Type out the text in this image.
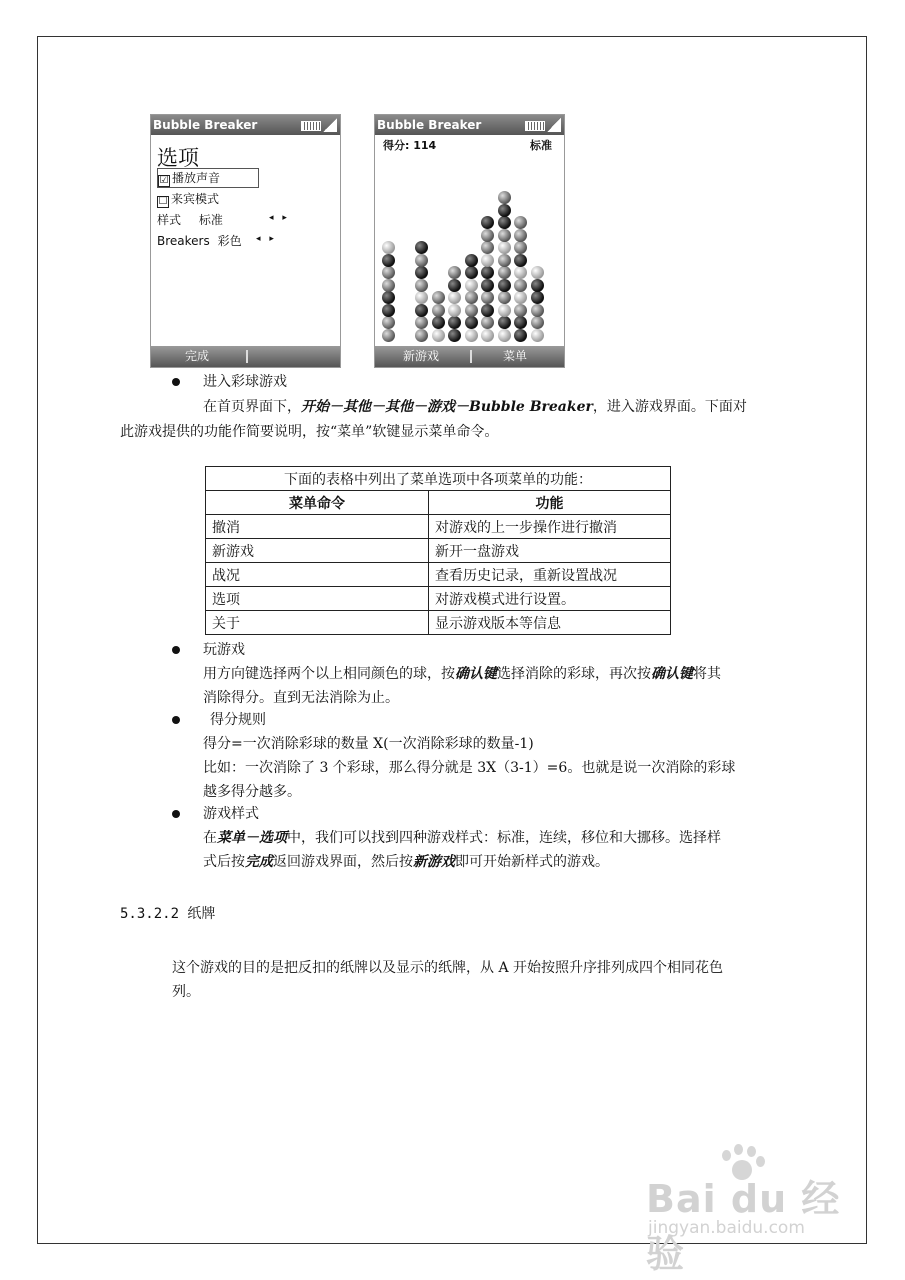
Bubble Breaker
选项
☑ 播放声音
☐ 来宾模式
样式 标准	◂ ▸
Breakers 彩色 ◂ ▸
完成
Bubble Breaker
得分: 114	标准
新游戏	菜单
进入彩球游戏
在首页界面下，开始－其他－其他－游戏－Bubble Breaker，进入游戏界面。下面对
此游戏提供的功能作简要说明，按“菜单”软键显示菜单命令。
下面的表格中列出了菜单选项中各项菜单的功能：	
菜单命令	功能
撤消	对游戏的上一步操作进行撤消
新游戏	新开一盘游戏
战况	查看历史记录，重新设置战况
选项	对游戏模式进行设置。
关于	显示游戏版本等信息
玩游戏
用方向键选择两个以上相同颜色的球，按确认键选择消除的彩球，再次按确认键将其
消除得分。直到无法消除为止。
得分规则
得分=一次消除彩球的数量 X(一次消除彩球的数量-1)
比如：一次消除了 3 个彩球，那么得分就是 3X（3-1）=6。也就是说一次消除的彩球
越多得分越多。
游戏样式
在菜单－选项中，我们可以找到四种游戏样式：标准，连续，移位和大挪移。选择样
式后按完成返回游戏界面，然后按新游戏即可开始新样式的游戏。
5.3.2.2 纸牌
这个游戏的目的是把反扣的纸牌以及显示的纸牌，从 A 开始按照升序排列成四个相同花色
列。
Bai du 经验
jingyan.baidu.com
